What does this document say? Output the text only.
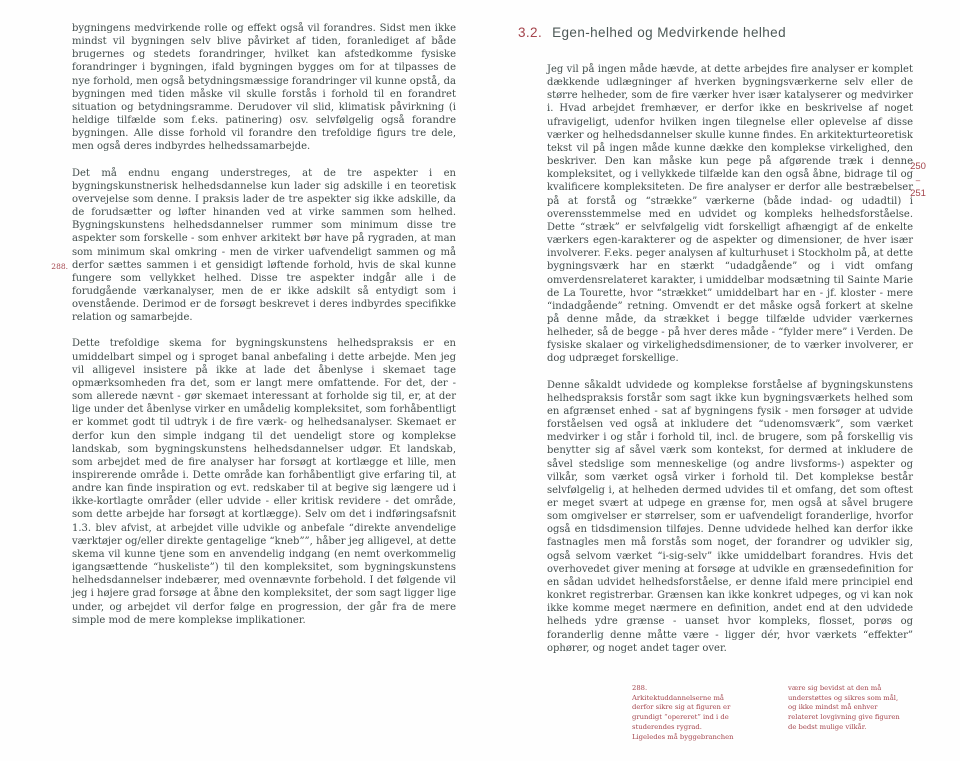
288.

bygningens medvirkende rolle og effekt også vil forandres. Sidst men ikke mindst vil bygningen selv blive påvirket af tiden, foranlediget af både brugernes og stedets forandringer, hvilket kan afstedkomme fysiske forandringer i bygningen, ifald bygningen bygges om for at tilpasses de nye forhold, men også betydningsmæssige forandringer vil kunne opstå, da bygningen med tiden måske vil skulle forstås i forhold til en forandret situation og betydningsramme. Derudover vil slid, klimatisk påvirkning (i heldige tilfælde som f.eks. patinering) osv. selvfølgelig også forandre bygningen. Alle disse forhold vil forandre den trefoldige figurs tre dele, men også deres indbyrdes helhedssamarbejde.

Det må endnu engang understreges, at de tre aspekter i en bygningskunstnerisk helhedsdannelse kun lader sig adskille i en teoretisk overvejelse som denne. I praksis lader de tre aspekter sig ikke adskille, da de forudsætter og løfter hinanden ved at virke sammen som helhed. Bygningskunstens helhedsdannelser rummer som minimum disse tre aspekter som forskelle - som enhver arkitekt bør have på rygraden, at man som minimum skal omkring - men de virker uafvendeligt sammen og må derfor sættes sammen i et gensidigt løftende forhold, hvis de skal kunne fungere som vellykket helhed. Disse tre aspekter indgår alle i de forudgående værkanalyser, men de er ikke adskilt så entydigt som i ovenstående. Derimod er de forsøgt beskrevet i deres indbyrdes specifikke relation og samarbejde.

Dette trefoldige skema for bygningskunstens helhedspraksis er en umiddelbart simpel og i sproget banal anbefaling i dette arbejde. Men jeg vil alligevel insistere på ikke at lade det åbenlyse i skemaet tage opmærksomheden fra det, som er langt mere omfattende. For det, der - som allerede nævnt - gør skemaet interessant at forholde sig til, er, at der lige under det åbenlyse virker en umådelig kompleksitet, som forhåbentligt er kommet godt til udtryk i de fire værk- og helhedsanalyser. Skemaet er derfor kun den simple indgang til det uendeligt store og komplekse landskab, som bygningskunstens helhedsdannelser udgør. Et landskab, som arbejdet med de fire analyser har forsøgt at kortlægge et lille, men inspirerende område i. Dette område kan forhåbentligt give erfaring til, at andre kan finde inspiration og evt. redskaber til at begive sig længere ud i ikke-kortlagte områder (eller udvide - eller kritisk revidere - det område, som dette arbejde har forsøgt at kortlægge). Selv om det i indføringsafsnit 1.3. blev afvist, at arbejdet ville udvikle og anbefale “direkte anvendelige værktøjer og/eller direkte gentagelige “kneb””, håber jeg alligevel, at dette skema vil kunne tjene som en anvendelig indgang (en nemt overkommelig igangsættende “huskeliste”) til den kompleksitet, som bygningskunstens helhedsdannelser indebærer, med ovennævnte forbehold. I det følgende vil jeg i højere grad forsøge at åbne den kompleksitet, der som sagt ligger lige under, og arbejdet vil derfor følge en progression, der går fra de mere simple mod de mere komplekse implikationer.

3.2. Egen-helhed og Medvirkende helhed
250
–
251

Jeg vil på ingen måde hævde, at dette arbejdes fire analyser er komplet dækkende udlægninger af hverken bygningsværkerne selv eller de større helheder, som de fire værker hver især katalyserer og medvirker i. Hvad arbejdet fremhæver, er derfor ikke en beskrivelse af noget ufravigeligt, udenfor hvilken ingen tilegnelse eller oplevelse af disse værker og helhedsdannelser skulle kunne findes. En arkitekturteoretisk tekst vil på ingen måde kunne dække den komplekse virkelighed, den beskriver. Den kan måske kun pege på afgørende træk i denne kompleksitet, og i vellykkede tilfælde kan den også åbne, bidrage til og kvalificere kompleksiteten. De fire analyser er derfor alle bestræbelser på at forstå og “strække” værkerne (både indad- og udadtil) i overensstemmelse med en udvidet og kompleks helhedsforståelse. Dette “stræk” er selvfølgelig vidt forskelligt afhængigt af de enkelte værkers egen-karakterer og de aspekter og dimensioner, de hver især involverer. F.eks. peger analysen af kulturhuset i Stockholm på, at dette bygningsværk har en stærkt “udadgående” og i vidt omfang omverdensrelateret karakter, i umiddelbar modsætning til Sainte Marie de La Tourette, hvor “strækket” umiddelbart har en - jf. kloster - mere “indadgående” retning. Omvendt er det måske også forkert at skelne på denne måde, da strækket i begge tilfælde udvider værkernes helheder, så de begge - på hver deres måde - “fylder mere” i Verden. De fysiske skalaer og virkelighedsdimensioner, de to værker involverer, er dog udpræget forskellige.

Denne såkaldt udvidede og komplekse forståelse af bygningskunstens helhedspraksis forstår som sagt ikke kun bygningsværkets helhed som en afgrænset enhed - sat af bygningens fysik - men forsøger at udvide forståelsen ved også at inkludere det “udenomsværk”, som værket medvirker i og står i forhold til, incl. de brugere, som på forskellig vis benytter sig af såvel værk som kontekst, for dermed at inkludere de såvel stedslige som menneskelige (og andre livsforms-) aspekter og vilkår, som værket også virker i forhold til. Det komplekse består selvfølgelig i, at helheden dermed udvides til et omfang, det som oftest er meget svært at udpege en grænse for, men også at såvel brugere som omgivelser er størrelser, som er uafvendeligt foranderlige, hvorfor også en tidsdimension tilføjes. Denne udvidede helhed kan derfor ikke fastnagles men må forstås som noget, der forandrer og udvikler sig, også selvom værket “i-sig-selv” ikke umiddelbart forandres. Hvis det overhovedet giver mening at forsøge at udvikle en grænsedefinition for en sådan udvidet helhedsforståelse, er denne ifald mere principiel end konkret registrerbar. Grænsen kan ikke konkret udpeges, og vi kan nok ikke komme meget nærmere en definition, andet end at den udvidede helheds ydre grænse - uanset hvor kompleks, flosset, porøs og foranderlig denne måtte være - ligger dér, hvor værkets “effekter” ophører, og noget andet tager over.

288.
Arkitektuddannelserne må derfor sikre sig at figuren er grundigt “opereret” ind i de studerendes rygrad. Ligeledes må byggebranchen
være sig bevidst at den må understøttes og sikres som mål, og ikke mindst må enhver relateret lovgivning give figuren de bedst mulige vilkår.
